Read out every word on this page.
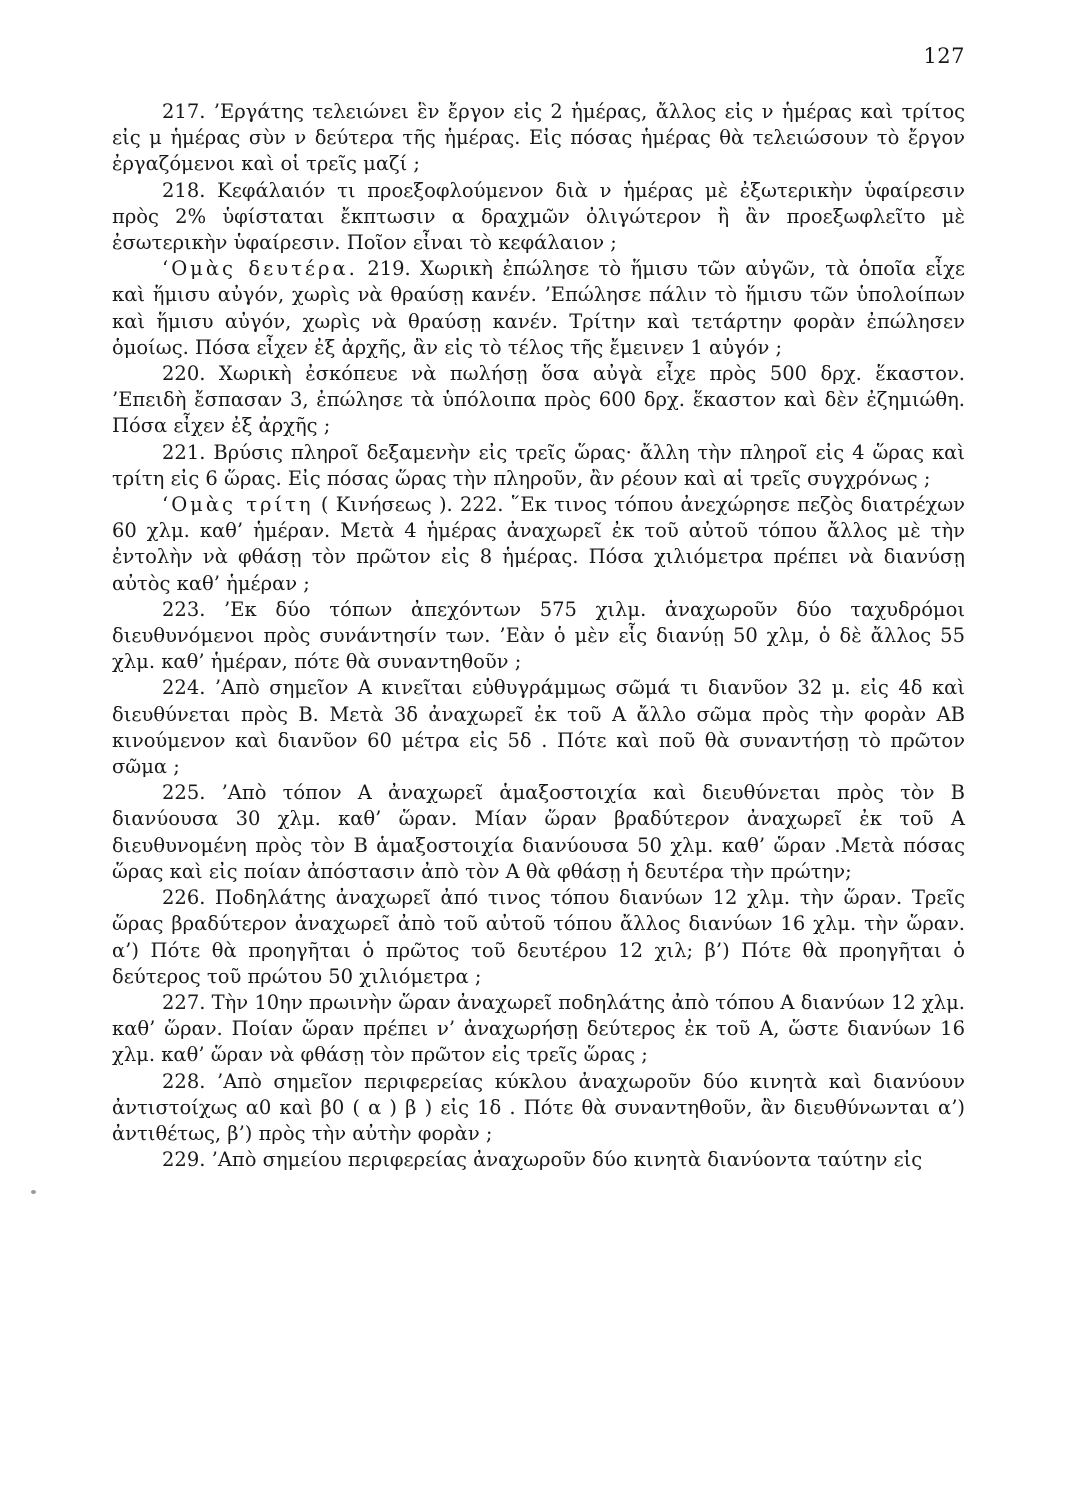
127

217. ’Εργάτης τελειώνει ἓν ἔργον εἰς 2 ἡμέρας, ἄλλος εἰς ν ἡμέρας καὶ τρίτος εἰς μ ἡμέρας σὺν ν δεύτερα τῆς ἡμέρας. Εἰς πόσας ἡμέρας θὰ τελειώσουν τὸ ἔργον ἐργαζόμενοι καὶ οἱ τρεῖς μαζί ;

218. Κεφάλαιόν τι προεξοφλούμενον διὰ ν ἡμέρας μὲ ἐξωτερικὴν ὑφαίρεσιν πρὸς 2% ὑφίσταται ἔκπτωσιν α δραχμῶν ὀλιγώτερον ἢ ἂν προεξωφλεῖτο μὲ ἐσωτερικὴν ὑφαίρεσιν. Ποῖον εἶναι τὸ κεφάλαιον ;

‘Ομὰς δευτέρα. 219. Χωρικὴ ἐπώλησε τὸ ἥμισυ τῶν αὐγῶν, τὰ ὁποῖα εἶχε καὶ ἥμισυ αὐγόν, χωρὶς νὰ θραύσῃ κανέν. ’Επώλησε πάλιν τὸ ἥμισυ τῶν ὑπολοίπων καὶ ἥμισυ αὐγόν, χωρὶς νὰ θραύσῃ κανέν. Τρίτην καὶ τετάρτην φορὰν ἐπώλησεν ὁμοίως. Πόσα εἶχεν ἐξ ἀρχῆς, ἂν εἰς τὸ τέλος τῆς ἔμεινεν 1 αὐγόν ;

220. Χωρικὴ ἐσκόπευε νὰ πωλήσῃ ὅσα αὐγὰ εἶχε πρὸς 500 δρχ. ἕκαστον. ’Επειδὴ ἔσπασαν 3, ἐπώλησε τὰ ὑπόλοιπα πρὸς 600 δρχ. ἕκαστον καὶ δὲν ἐζημιώθη. Πόσα εἶχεν ἐξ ἀρχῆς ;

221. Βρύσις πληροῖ δεξαμενὴν εἰς τρεῖς ὥρας· ἄλλη τὴν πληροῖ εἰς 4 ὥρας καὶ τρίτη εἰς 6 ὥρας. Εἰς πόσας ὥρας τὴν πληροῦν, ἂν ρέουν καὶ αἱ τρεῖς συγχρόνως ;

‘Ομὰς τρίτη ( Κινήσεως ). 222. ῞Εκ τινος τόπου ἀνεχώρησε πεζὸς διατρέχων 60 χλμ. καθ’ ἡμέραν. Μετὰ 4 ἡμέρας ἀναχωρεῖ ἐκ τοῦ αὐτοῦ τόπου ἄλλος μὲ τὴν ἐντολὴν νὰ φθάσῃ τὸν πρῶτον εἰς 8 ἡμέρας. Πόσα χιλιόμετρα πρέπει νὰ διανύσῃ αὐτὸς καθ’ ἡμέραν ;

223. ’Εκ δύο τόπων ἀπεχόντων 575 χιλμ. ἀναχωροῦν δύο ταχυδρόμοι διευθυνόμενοι πρὸς συνάντησίν των. ’Εὰν ὁ μὲν εἷς διανύῃ 50 χλμ, ὁ δὲ ἄλλος 55 χλμ. καθ’ ἡμέραν, πότε θὰ συναντηθοῦν ;

224. ’Απὸ σημεῖον Α κινεῖται εὐθυγράμμως σῶμά τι διανῦον 32 μ. εἰς 4δ καὶ διευθύνεται πρὸς Β. Μετὰ 3δ ἀναχωρεῖ ἐκ τοῦ Α ἄλλο σῶμα πρὸς τὴν φορὰν ΑΒ κινούμενον καὶ διανῦον 60 μέτρα εἰς 5δ . Πότε καὶ ποῦ θὰ συναντήσῃ τὸ πρῶτον σῶμα ;

225. ’Απὸ τόπον Α ἀναχωρεῖ ἁμαξοστοιχία καὶ διευθύνεται πρὸς τὸν Β διανύουσα 30 χλμ. καθ’ ὥραν. Μίαν ὥραν βραδύτερον ἀναχωρεῖ ἐκ τοῦ Α διευθυνομένη πρὸς τὸν Β ἁμαξοστοιχία διανύουσα 50 χλμ. καθ’ ὥραν .Μετὰ πόσας ὥρας καὶ εἰς ποίαν ἀπόστασιν ἀπὸ τὸν Α θὰ φθάσῃ ἡ δευτέρα τὴν πρώτην;

226. Ποδηλάτης ἀναχωρεῖ ἀπό τινος τόπου διανύων 12 χλμ. τὴν ὥραν. Τρεῖς ὥρας βραδύτερον ἀναχωρεῖ ἀπὸ τοῦ αὐτοῦ τόπου ἄλλος διανύων 16 χλμ. τὴν ὥραν. α’) Πότε θὰ προηγῆται ὁ πρῶτος τοῦ δευτέρου 12 χιλ; β’) Πότε θὰ προηγῆται ὁ δεύτερος τοῦ πρώτου 50 χιλιόμετρα ;

227. Τὴν 10ην πρωινὴν ὥραν ἀναχωρεῖ ποδηλάτης ἀπὸ τόπου Α διανύων 12 χλμ. καθ’ ὥραν. Ποίαν ὥραν πρέπει ν’ ἀναχωρήσῃ δεύτερος ἐκ τοῦ Α, ὥστε διανύων 16 χλμ. καθ’ ὥραν νὰ φθάσῃ τὸν πρῶτον εἰς τρεῖς ὥρας ;

228. ’Απὸ σημεῖον περιφερείας κύκλου ἀναχωροῦν δύο κινητὰ καὶ διανύουν ἀντιστοίχως α0 καὶ β0 ( α ) β ) εἰς 1δ . Πότε θὰ συναντηθοῦν, ἂν διευθύνωνται α’) ἀντιθέτως, β’) πρὸς τὴν αὐτὴν φορὰν ;

229. ’Απὸ σημείου περιφερείας ἀναχωροῦν δύο κινητὰ διανύοντα ταύτην εἰς
